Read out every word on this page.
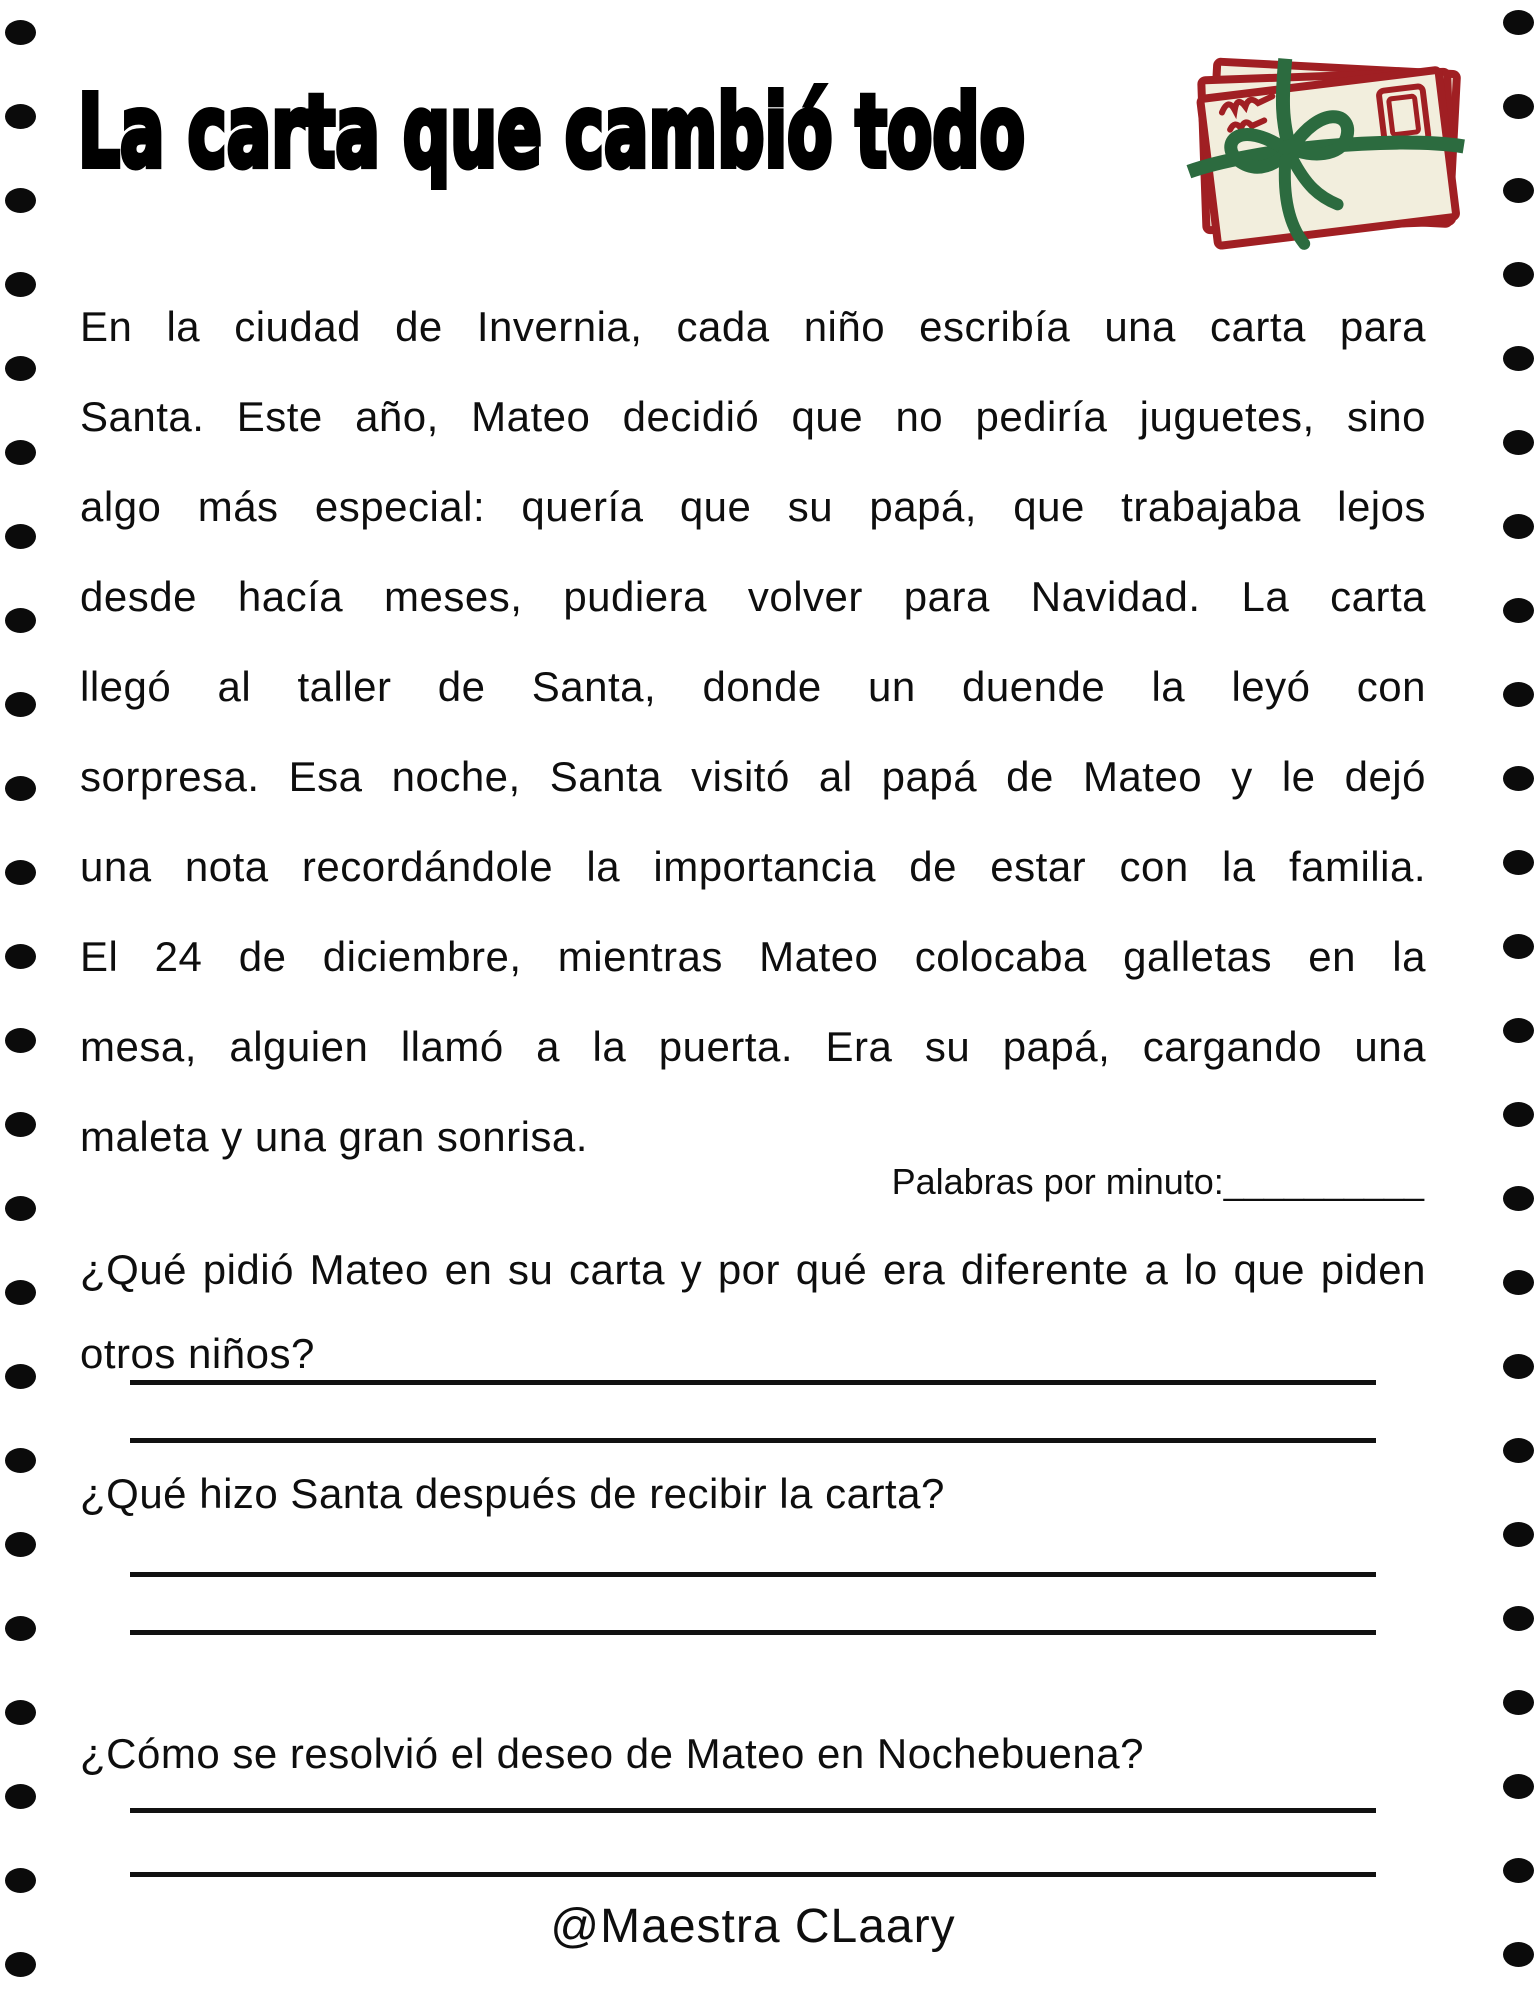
La carta que cambió todo
En la ciudad de Invernia, cada niño escribía una carta para
Santa. Este año, Mateo decidió que no pediría juguetes, sino
algo más especial: quería que su papá, que trabajaba lejos
desde hacía meses, pudiera volver para Navidad. La carta
llegó al taller de Santa, donde un duende la leyó con
sorpresa. Esa noche, Santa visitó al papá de Mateo y le dejó
una nota recordándole la importancia de estar con la familia.
El 24 de diciembre, mientras Mateo colocaba galletas en la
mesa, alguien llamó a la puerta. Era su papá, cargando una
maleta y una gran sonrisa.
Palabras por minuto:__________
¿Qué pidió Mateo en su carta y por qué era diferente a lo que piden otros niños?
¿Qué hizo Santa después de recibir la carta?
¿Cómo se resolvió el deseo de Mateo en Nochebuena?
@Maestra CLaary
